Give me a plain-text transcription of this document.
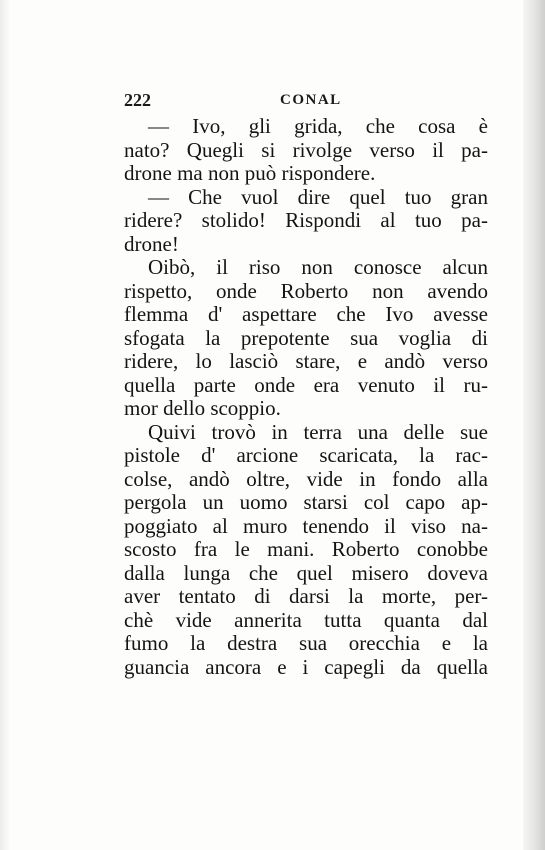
222	CONAL
— Ivo, gli grida, che cosa è
nato? Quegli si rivolge verso il pa-
drone ma non può rispondere.
— Che vuol dire quel tuo gran
ridere? stolido! Rispondi al tuo pa-
drone!
Oibò, il riso non conosce alcun
rispetto, onde Roberto non avendo
flemma d' aspettare che Ivo avesse
sfogata la prepotente sua voglia di
ridere, lo lasciò stare, e andò verso
quella parte onde era venuto il ru-
mor dello scoppio.
Quivi trovò in terra una delle sue
pistole d' arcione scaricata, la rac-
colse, andò oltre, vide in fondo alla
pergola un uomo starsi col capo ap-
poggiato al muro tenendo il viso na-
scosto fra le mani. Roberto conobbe
dalla lunga che quel misero doveva
aver tentato di darsi la morte, per-
chè vide annerita tutta quanta dal
fumo la destra sua orecchia e la
guancia ancora e i capegli da quella
